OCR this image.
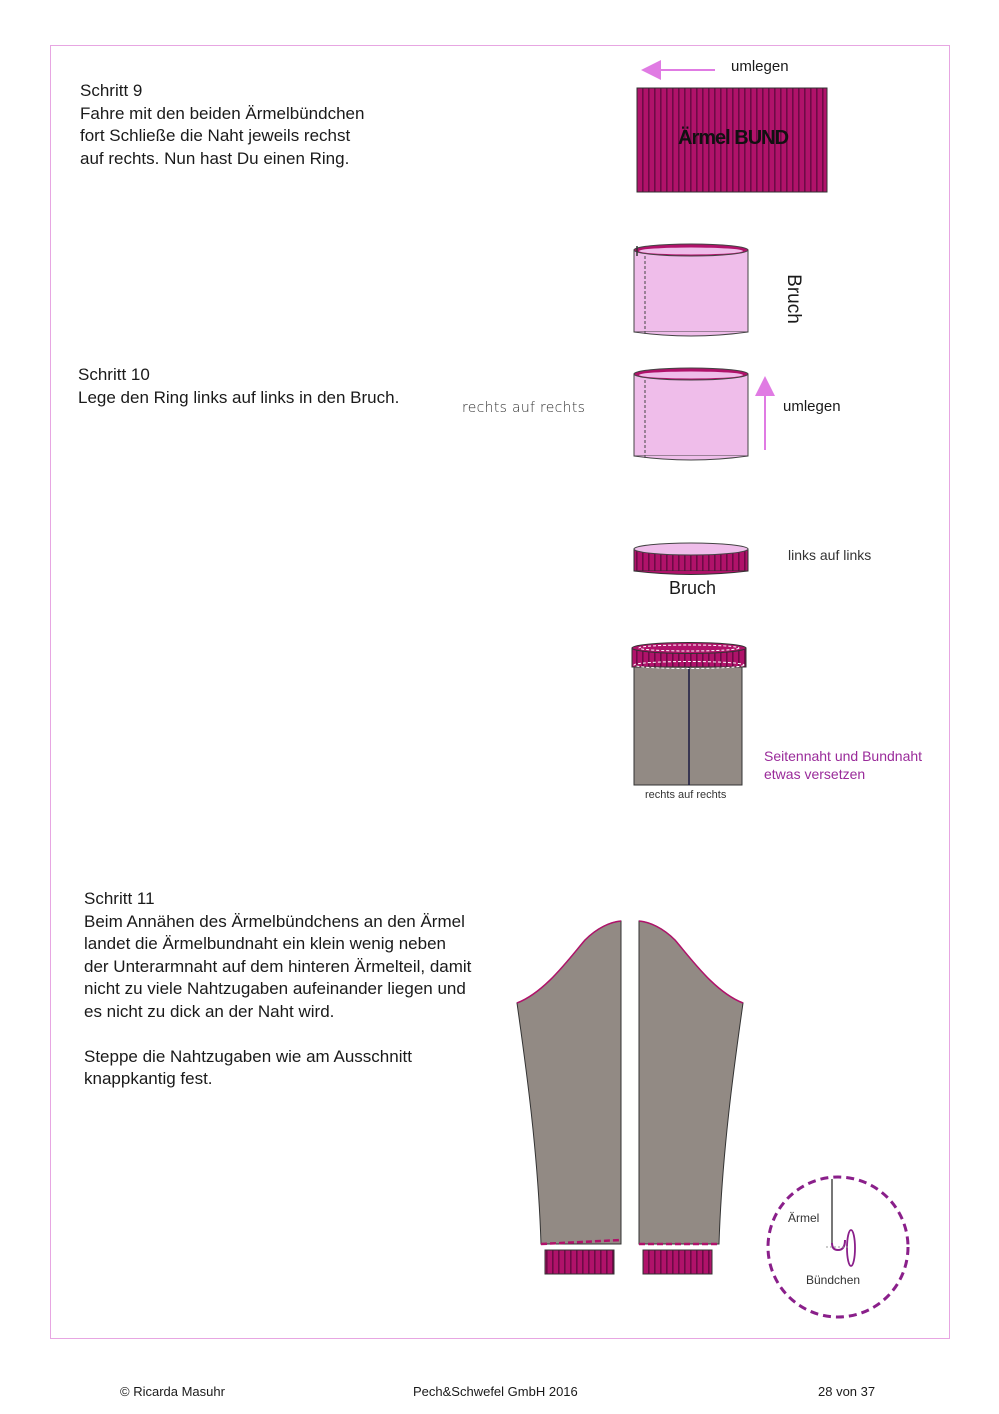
Schritt 9
Fahre mit den beiden Ärmelbündchen
fort Schließe die Naht jeweils rechst
auf rechts. Nun hast Du einen Ring.
Schritt 10
Lege den Ring links auf links in den Bruch.
Schritt 11
Beim Annähen des Ärmelbündchens an den Ärmel
landet die Ärmelbundnaht ein klein wenig neben
der Unterarmnaht auf dem hinteren Ärmelteil, damit
nicht zu viele Nahtzugaben aufeinander liegen und
es nicht zu dick an der Naht wird.

Steppe die Nahtzugaben wie am Ausschnitt
knappkantig fest.
umlegen
Ärmel BUND
Bruch
rechts auf rechts	umlegen
links auf links
Bruch
Seitennaht und Bundnaht
etwas versetzen
rechts auf rechts
Ärmel
Bündchen
© Ricarda Masuhr	Pech&Schwefel GmbH 2016	28 von 37
